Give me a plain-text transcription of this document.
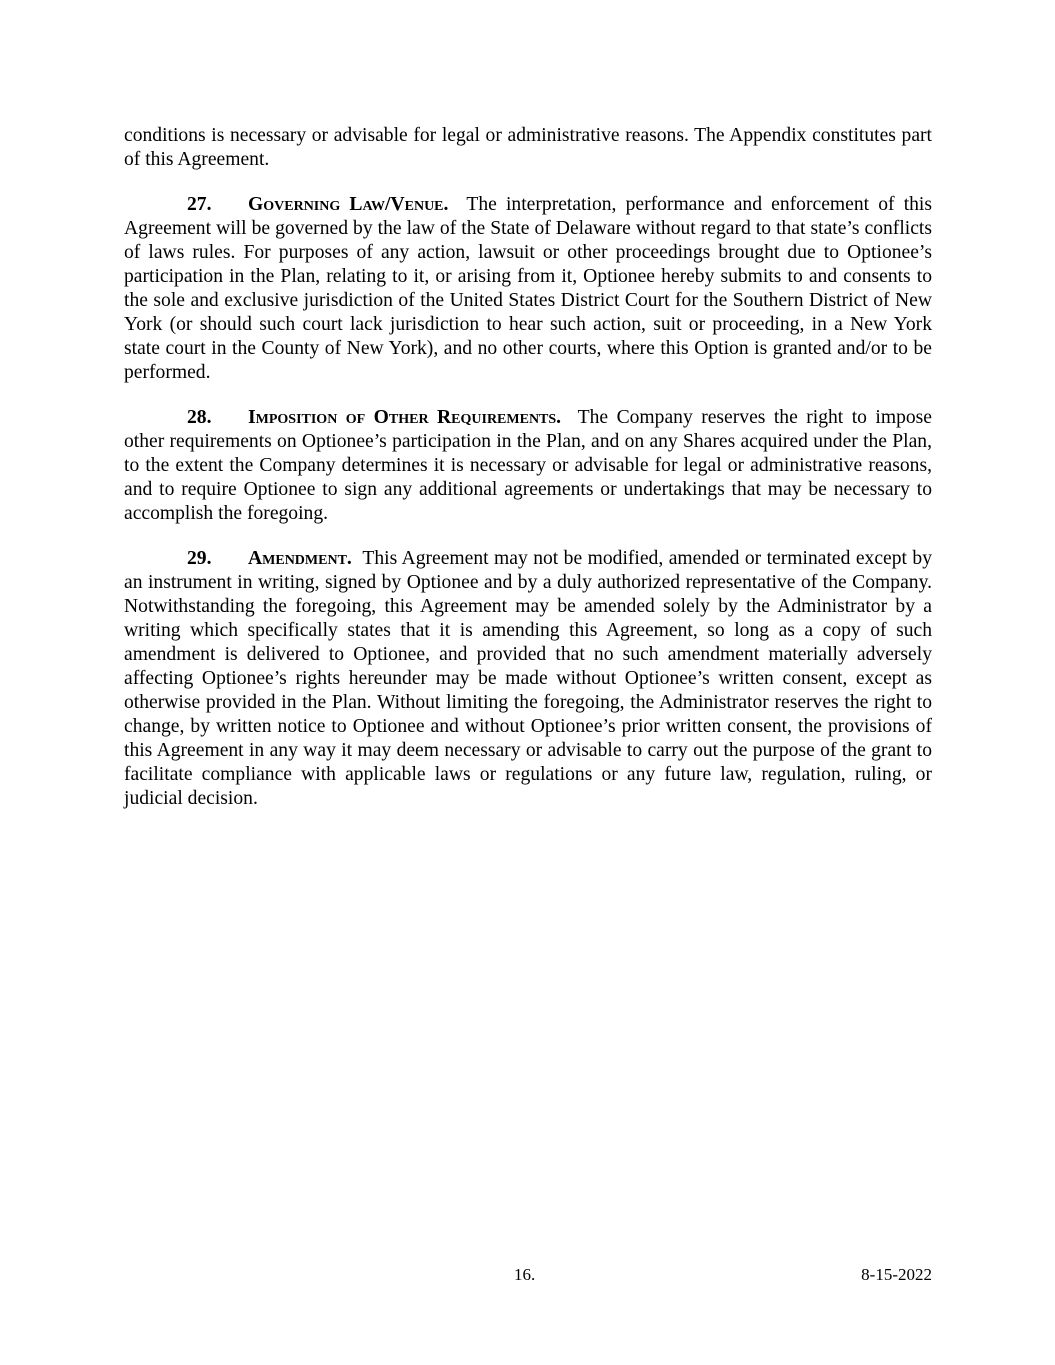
conditions is necessary or advisable for legal or administrative reasons. The Appendix constitutes part of this Agreement.

27. Governing Law/Venue. The interpretation, performance and enforcement of this Agreement will be governed by the law of the State of Delaware without regard to that state’s conflicts of laws rules. For purposes of any action, lawsuit or other proceedings brought due to Optionee’s participation in the Plan, relating to it, or arising from it, Optionee hereby submits to and consents to the sole and exclusive jurisdiction of the United States District Court for the Southern District of New York (or should such court lack jurisdiction to hear such action, suit or proceeding, in a New York state court in the County of New York), and no other courts, where this Option is granted and/or to be performed.

28. Imposition of Other Requirements. The Company reserves the right to impose other requirements on Optionee’s participation in the Plan, and on any Shares acquired under the Plan, to the extent the Company determines it is necessary or advisable for legal or administrative reasons, and to require Optionee to sign any additional agreements or undertakings that may be necessary to accomplish the foregoing.

29. Amendment. This Agreement may not be modified, amended or terminated except by an instrument in writing, signed by Optionee and by a duly authorized representative of the Company. Notwithstanding the foregoing, this Agreement may be amended solely by the Administrator by a writing which specifically states that it is amending this Agreement, so long as a copy of such amendment is delivered to Optionee, and provided that no such amendment materially adversely affecting Optionee’s rights hereunder may be made without Optionee’s written consent, except as otherwise provided in the Plan. Without limiting the foregoing, the Administrator reserves the right to change, by written notice to Optionee and without Optionee’s prior written consent, the provisions of this Agreement in any way it may deem necessary or advisable to carry out the purpose of the grant to facilitate compliance with applicable laws or regulations or any future law, regulation, ruling, or judicial decision.

16.	8-15-2022
